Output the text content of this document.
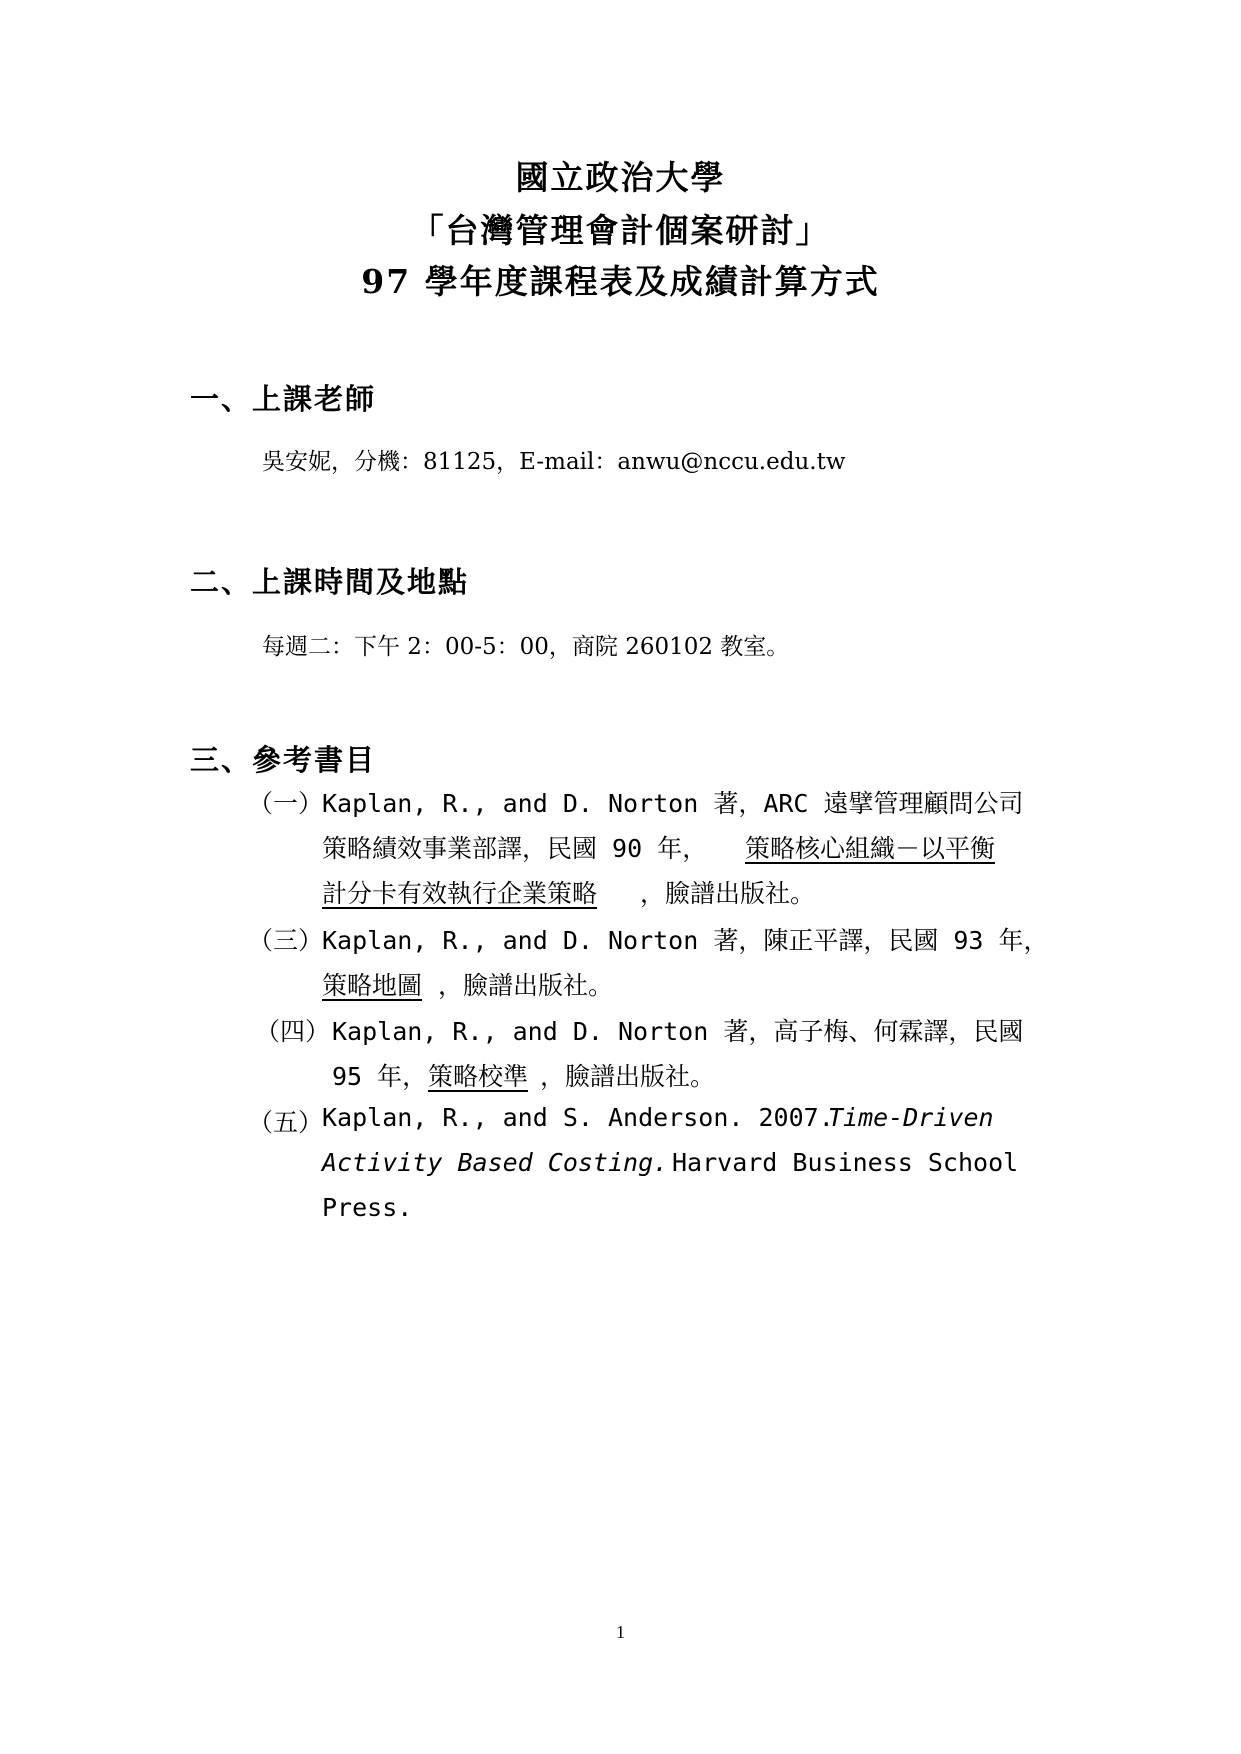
國立政治大學
「台灣管理會計個案研討」
97 學年度課程表及成績計算方式
一、上課老師
吳安妮，分機：81125，E-mail：anwu@nccu.edu.tw
二、上課時間及地點
每週二：下午 2：00-5：00，商院 260102 教室。
三、參考書目
（一）
Kaplan, R., and D. Norton 著，ARC 遠擘管理顧問公司
策略績效事業部譯，民國 90 年， 策略核心組織－以平衡
計分卡有效執行企業策略 ，臉譜出版社。
（三）
Kaplan, R., and D. Norton 著，陳正平譯，民國 93 年，
策略地圖 ，臉譜出版社。
（四） Kaplan, R., and D. Norton 著，高子梅、何霖譯，民國
95 年， 策略校準 ，臉譜出版社。
（五）
Kaplan, R., and S. Anderson. 2007.
Time-Driven
Activity Based Costing. Harvard Business School
Press.
1
